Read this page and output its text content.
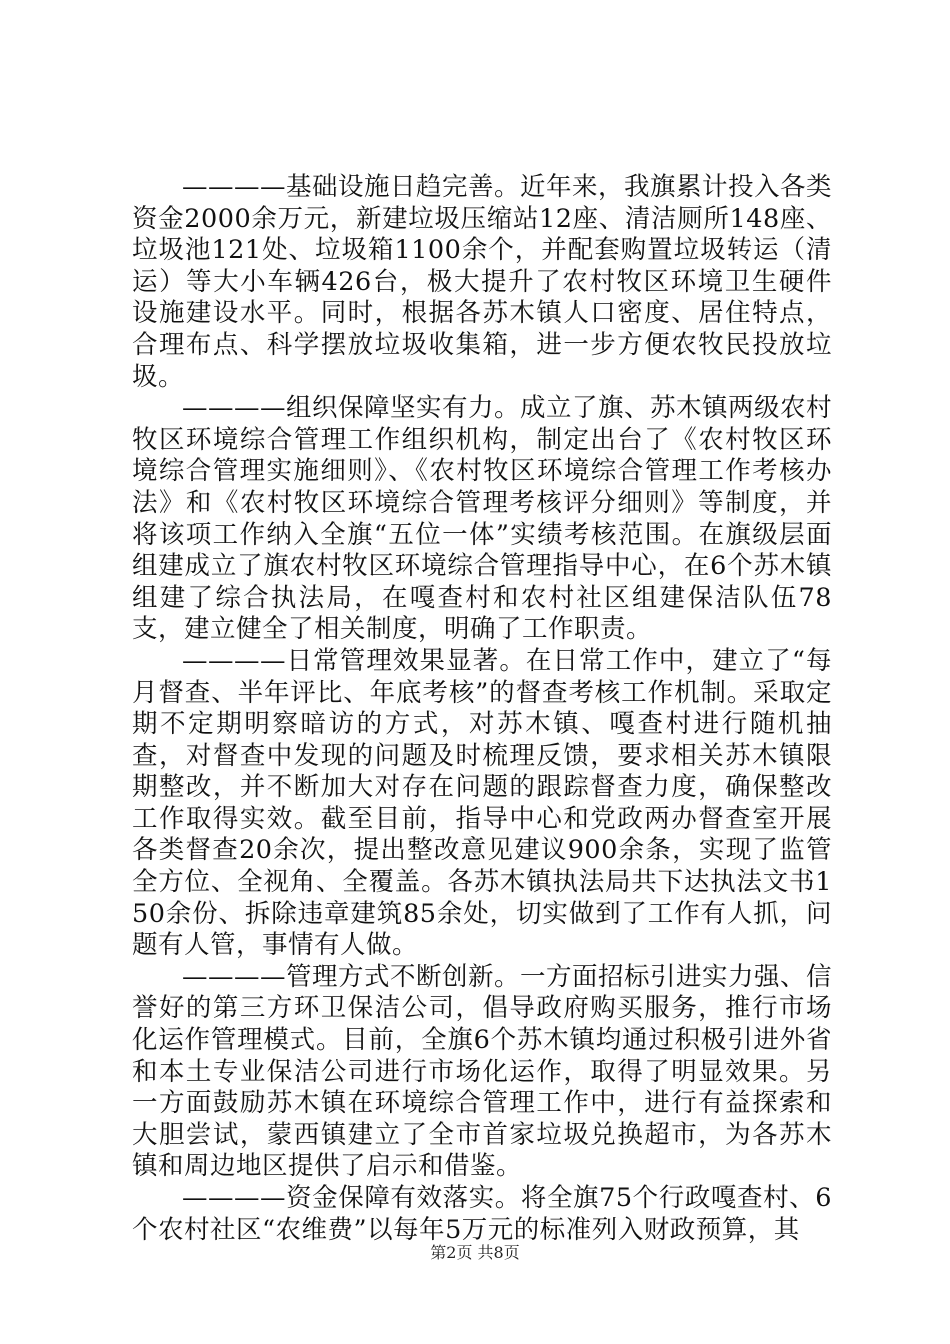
————基础设施日趋完善。近年来，我旗累计投入各类资金2000余万元，新建垃圾压缩站12座、清洁厕所148座、垃圾池121处、垃圾箱1100余个，并配套购置垃圾转运（清运）等大小车辆426台，极大提升了农村牧区环境卫生硬件设施建设水平。同时，根据各苏木镇人口密度、居住特点，合理布点、科学摆放垃圾收集箱，进一步方便农牧民投放垃圾。

————组织保障坚实有力。成立了旗、苏木镇两级农村牧区环境综合管理工作组织机构，制定出台了《农村牧区环境综合管理实施细则》、《农村牧区环境综合管理工作考核办法》和《农村牧区环境综合管理考核评分细则》等制度，并将该项工作纳入全旗“五位一体”实绩考核范围。在旗级层面组建成立了旗农村牧区环境综合管理指导中心，在6个苏木镇组建了综合执法局，在嘎查村和农村社区组建保洁队伍78支，建立健全了相关制度，明确了工作职责。

————日常管理效果显著。在日常工作中，建立了“每月督查、半年评比、年底考核”的督查考核工作机制。采取定期不定期明察暗访的方式，对苏木镇、嘎查村进行随机抽查，对督查中发现的问题及时梳理反馈，要求相关苏木镇限期整改，并不断加大对存在问题的跟踪督查力度，确保整改工作取得实效。截至目前，指导中心和党政两办督查室开展各类督查20余次，提出整改意见建议900余条，实现了监管全方位、全视角、全覆盖。各苏木镇执法局共下达执法文书150余份、拆除违章建筑85余处，切实做到了工作有人抓，问题有人管，事情有人做。

————管理方式不断创新。一方面招标引进实力强、信誉好的第三方环卫保洁公司，倡导政府购买服务，推行市场化运作管理模式。目前，全旗6个苏木镇均通过积极引进外省和本土专业保洁公司进行市场化运作，取得了明显效果。另一方面鼓励苏木镇在环境综合管理工作中，进行有益探索和大胆尝试，蒙西镇建立了全市首家垃圾兑换超市，为各苏木镇和周边地区提供了启示和借鉴。

————资金保障有效落实。将全旗75个行政嘎查村、6个农村社区“农维费”以每年5万元的标准列入财政预算，其

第2页 共8页
